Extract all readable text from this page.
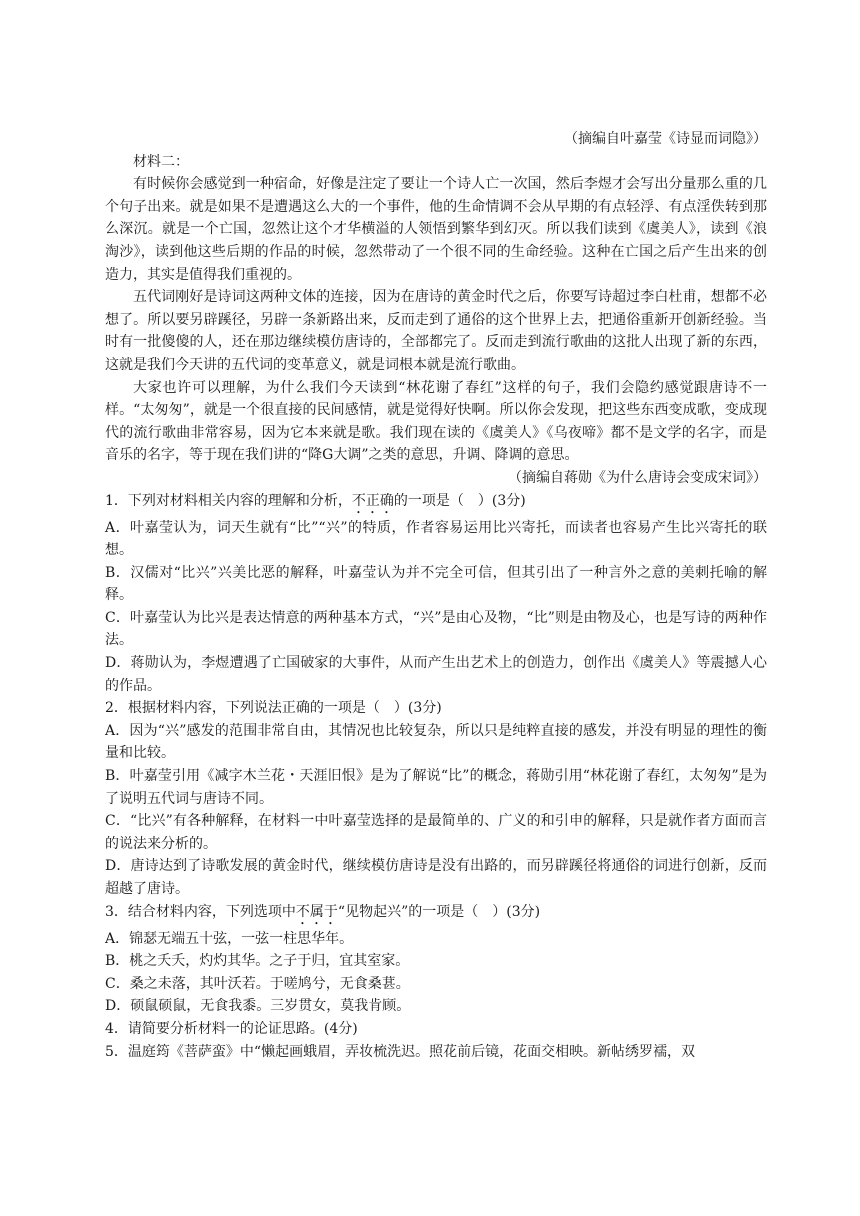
（摘编自叶嘉莹《诗显而词隐》）

材料二：

有时候你会感觉到一种宿命，好像是注定了要让一个诗人亡一次国，然后李煜才会写出分量那么重的几个句子出来。就是如果不是遭遇这么大的一个事件，他的生命情调不会从早期的有点轻浮、有点淫佚转到那么深沉。就是一个亡国，忽然让这个才华横溢的人领悟到繁华到幻灭。所以我们读到《虞美人》，读到《浪淘沙》，读到他这些后期的作品的时候，忽然带动了一个很不同的生命经验。这种在亡国之后产生出来的创造力，其实是值得我们重视的。

五代词刚好是诗词这两种文体的连接，因为在唐诗的黄金时代之后，你要写诗超过李白杜甫，想都不必想了。所以要另辟蹊径，另辟一条新路出来，反而走到了通俗的这个世界上去，把通俗重新开创新经验。当时有一批傻傻的人，还在那边继续模仿唐诗的，全部都完了。反而走到流行歌曲的这批人出现了新的东西，这就是我们今天讲的五代词的变革意义，就是词根本就是流行歌曲。

大家也许可以理解，为什么我们今天读到“林花谢了春红”这样的句子，我们会隐约感觉跟唐诗不一样。“太匆匆”，就是一个很直接的民间感情，就是觉得好快啊。所以你会发现，把这些东西变成歌，变成现代的流行歌曲非常容易，因为它本来就是歌。我们现在读的《虞美人》《乌夜啼》都不是文学的名字，而是音乐的名字，等于现在我们讲的“降G大调”之类的意思，升调、降调的意思。

（摘编自蒋勋《为什么唐诗会变成宋词》）

1．下列对材料相关内容的理解和分析，不正确的一项是（　）(3分)

A．叶嘉莹认为，词天生就有“比”“兴”的特质，作者容易运用比兴寄托，而读者也容易产生比兴寄托的联想。

B．汉儒对“比兴”兴美比恶的解释，叶嘉莹认为并不完全可信，但其引出了一种言外之意的美刺托喻的解释。

C．叶嘉莹认为比兴是表达情意的两种基本方式，“兴”是由心及物，“比”则是由物及心，也是写诗的两种作法。

D．蒋勋认为，李煜遭遇了亡国破家的大事件，从而产生出艺术上的创造力，创作出《虞美人》等震撼人心的作品。

2．根据材料内容，下列说法正确的一项是（　）(3分)

A．因为“兴”感发的范围非常自由，其情况也比较复杂，所以只是纯粹直接的感发，并没有明显的理性的衡量和比较。

B．叶嘉莹引用《减字木兰花・天涯旧恨》是为了解说“比”的概念，蒋勋引用“林花谢了春红，太匆匆”是为了说明五代词与唐诗不同。

C．“比兴”有各种解释，在材料一中叶嘉莹选择的是最简单的、广义的和引申的解释，只是就作者方面而言的说法来分析的。

D．唐诗达到了诗歌发展的黄金时代，继续模仿唐诗是没有出路的，而另辟蹊径将通俗的词进行创新，反而超越了唐诗。

3．结合材料内容，下列选项中不属于“见物起兴”的一项是（　）(3分)

A．锦瑟无端五十弦，一弦一柱思华年。

B．桃之夭夭，灼灼其华。之子于归，宜其室家。

C．桑之未落，其叶沃若。于嗟鸠兮，无食桑葚。

D．硕鼠硕鼠，无食我黍。三岁贯女，莫我肯顾。

4．请简要分析材料一的论证思路。(4分)

5．温庭筠《菩萨蛮》中“懒起画蛾眉，弄妆梳洗迟。照花前后镜，花面交相映。新帖绣罗襦，双
